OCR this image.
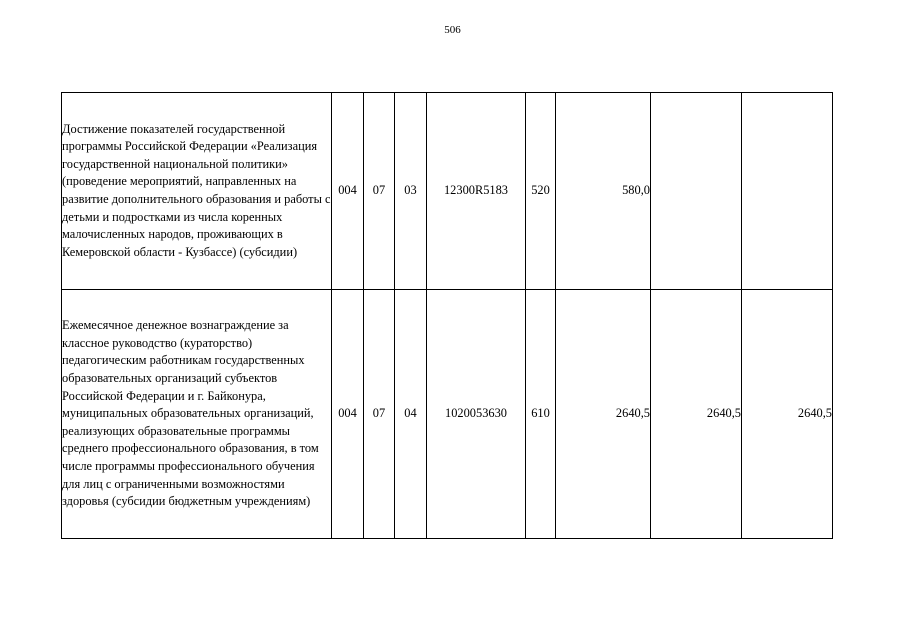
506
Достижение показателей государственной программы Российской Федерации «Реализация государственной национальной политики» (проведение мероприятий, направленных на развитие дополнительного образования и работы с детьми и подростками из числа коренных малочисленных народов, проживающих в Кемеровской области - Кузбассе) (субсидии)	004	07	03	12300R5183	520	580,0		
Ежемесячное денежное вознаграждение за классное руководство (кураторство) педагогическим работникам государственных образовательных организаций субъектов Российской Федерации и г. Байконура, муниципальных образовательных организаций, реализующих образовательные программы среднего профессионального образования, в том числе программы профессионального обучения для лиц с ограниченными возможностями здоровья (субсидии бюджетным учреждениям)	004	07	04	1020053630	610	2640,5	2640,5	2640,5
